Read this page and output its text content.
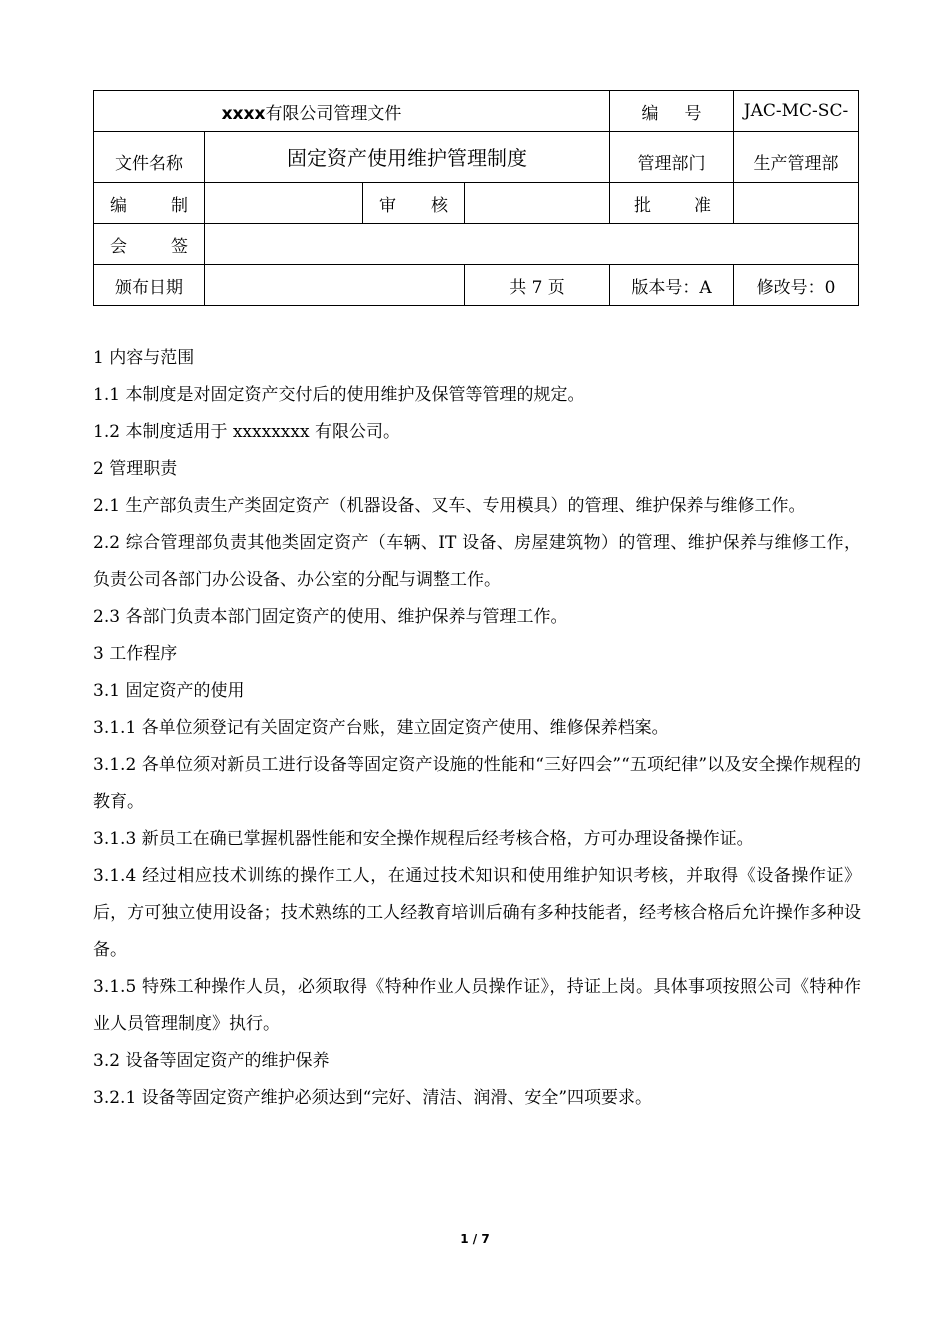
xxxx有限公司管理文件				编 号	JAC-MC-SC-
文件名称	固定资产使用维护管理制度			管理部门	生产管理部

编 制		审 核		批 准	

会 签					

颁布日期			共 7 页	版本号：A	修改号：0

1 内容与范围

1.1 本制度是对固定资产交付后的使用维护及保管等管理的规定。

1.2 本制度适用于 xxxxxxxx 有限公司。

2 管理职责

2.1 生产部负责生产类固定资产（机器设备、叉车、专用模具）的管理、维护保养与维修工作。

2.2 综合管理部负责其他类固定资产（车辆、IT 设备、房屋建筑物）的管理、维护保养与维修工作，负责公司各部门办公设备、办公室的分配与调整工作。

2.3 各部门负责本部门固定资产的使用、维护保养与管理工作。

3 工作程序

3.1 固定资产的使用

3.1.1 各单位须登记有关固定资产台账，建立固定资产使用、维修保养档案。

3.1.2 各单位须对新员工进行设备等固定资产设施的性能和“三好四会”“五项纪律”以及安全操作规程的教育。

3.1.3 新员工在确已掌握机器性能和安全操作规程后经考核合格，方可办理设备操作证。

3.1.4 经过相应技术训练的操作工人，在通过技术知识和使用维护知识考核，并取得《设备操作证》后，方可独立使用设备；技术熟练的工人经教育培训后确有多种技能者，经考核合格后允许操作多种设备。

3.1.5 特殊工种操作人员，必须取得《特种作业人员操作证》，持证上岗。具体事项按照公司《特种作业人员管理制度》执行。

3.2 设备等固定资产的维护保养

3.2.1 设备等固定资产维护必须达到“完好、清洁、润滑、安全”四项要求。

1 / 7
